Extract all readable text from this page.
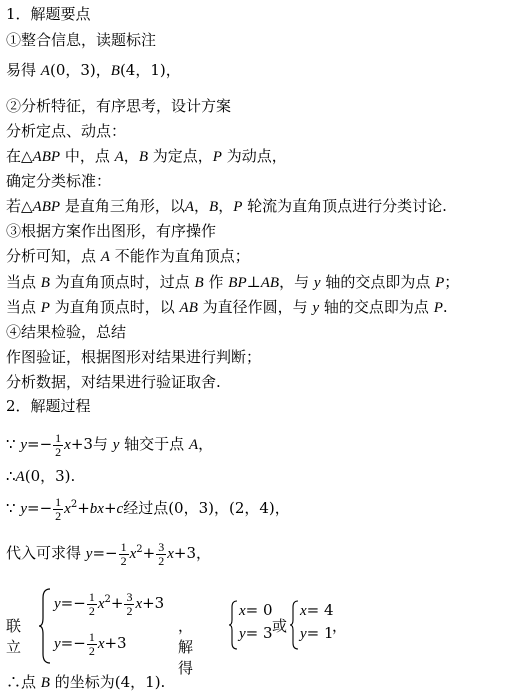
1．解题要点
①整合信息，读题标注
易得 A(0，3)，B(4，1)，
②分析特征，有序思考，设计方案
分析定点、动点：
在△ABP 中，点 A，B 为定点，P 为动点，
确定分类标准：
若△ABP 是直角三角形，以A，B，P 轮流为直角顶点进行分类讨论.
③根据方案作出图形，有序操作
分析可知，点 A 不能作为直角顶点；
当点 B 为直角顶点时，过点 B 作 BP⊥AB，与 y 轴的交点即为点 P；
当点 P 为直角顶点时，以 AB 为直径作圆，与 y 轴的交点即为点 P.
④结果检验，总结
作图验证，根据图形对结果进行判断；
分析数据，对结果进行验证取舍.
2．解题过程
∵ $y=- \frac{1}{2} x+3$与 y 轴交于点 A，
∴A(0，3).
∵ $y=- \frac{1}{2} x^2+bx+c$经过点(0，3)，(2，4)，
代入可求得 $y=- \frac{1}{2} x^2+ \frac{3}{2} x+3$，
联立
$y=- \frac{1}{2} x^2+ \frac{3}{2} x+3$
$y=- \frac{1}{2} x+3$
，解得
x= 0
y= 3 或
x= 4
y= 1
，
∴点 B 的坐标为(4，1).
